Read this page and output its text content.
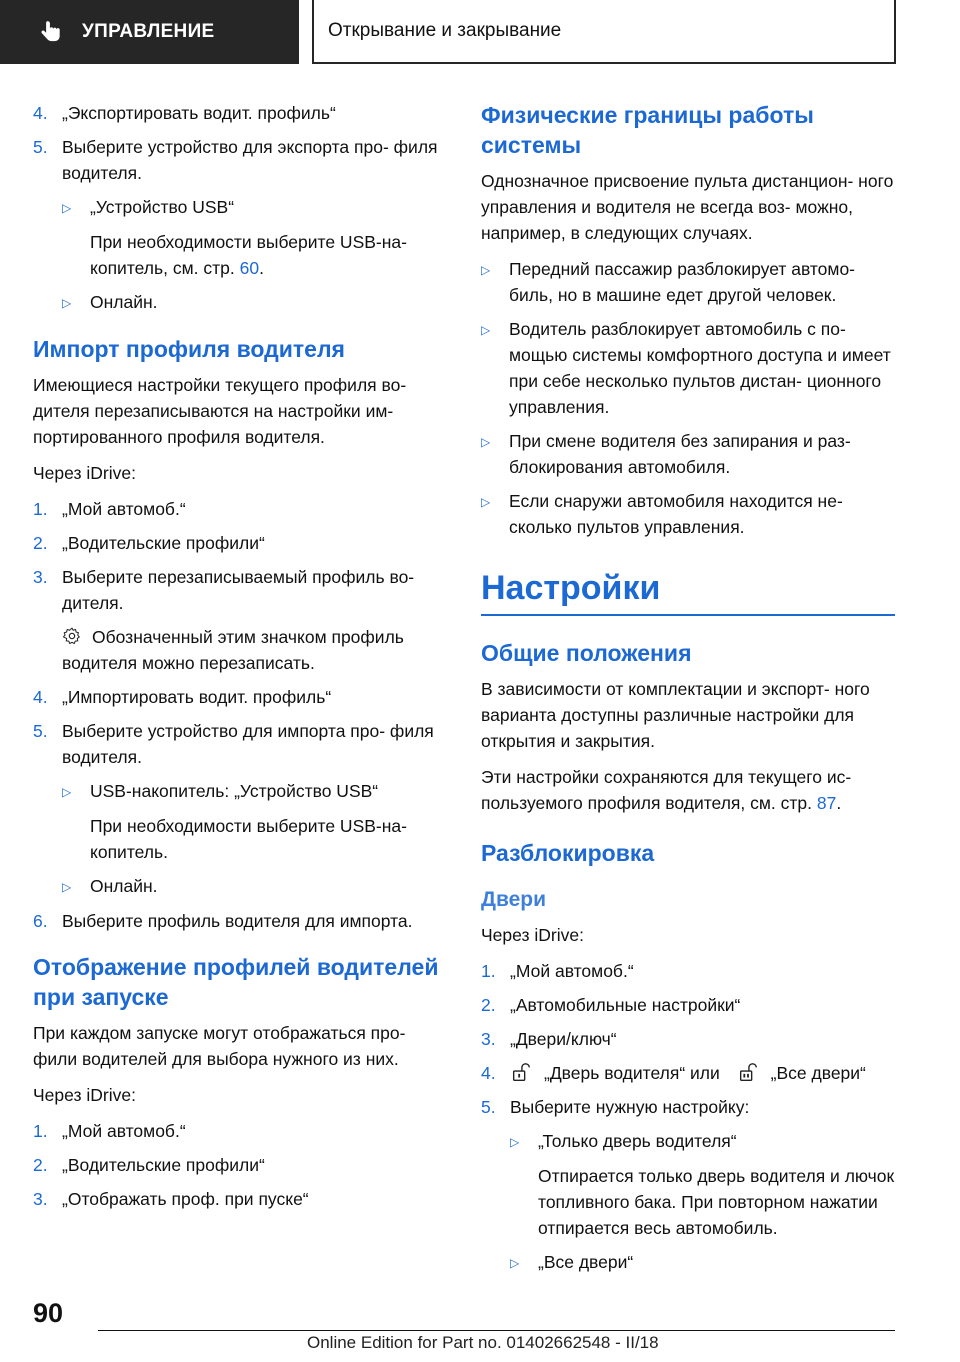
УПРАВЛЕНИЕ	Открывание и закрывание
4. „Экспортировать водит. профиль“
5. Выберите устройство для экспорта про- филя водителя.
▷	„Устройство USB“
При необходимости выберите USB-на- копитель, см. стр. 60.
▷	Онлайн.
Импорт профиля водителя
Имеющиеся настройки текущего профиля во- дителя перезаписываются на настройки им- портированного профиля водителя.
Через iDrive:
1. „Мой автомоб.“
2. „Водительские профили“
3. Выберите перезаписываемый профиль во- дителя.
Обозначенный этим значком профиль водителя можно перезаписать.
4. „Импортировать водит. профиль“
5. Выберите устройство для импорта про- филя водителя.
▷	USB-накопитель: „Устройство USB“
При необходимости выберите USB-на- копитель.
▷	Онлайн.
6. Выберите профиль водителя для импорта.
Отображение профилей водителей при запуске
При каждом запуске могут отображаться про- фили водителей для выбора нужного из них.
Через iDrive:
1. „Мой автомоб.“
2. „Водительские профили“
3. „Отображать проф. при пуске“
Физические границы работы системы
Однозначное присвоение пульта дистанцион- ного управления и водителя не всегда воз- можно, например, в следующих случаях.
▷	Передний пассажир разблокирует автомо- биль, но в машине едет другой человек.
▷	Водитель разблокирует автомобиль с по- мощью системы комфортного доступа и имеет при себе несколько пультов дистан- ционного управления.
▷	При смене водителя без запирания и раз- блокирования автомобиля.
▷	Если снаружи автомобиля находится не- сколько пультов управления.
Настройки
Общие положения
В зависимости от комплектации и экспорт- ного варианта доступны различные настройки для открытия и закрытия.
Эти настройки сохраняются для текущего ис- пользуемого профиля водителя, см. стр. 87.
Разблокировка
Двери
Через iDrive:
1. „Мой автомоб.“
2. „Автомобильные настройки“
3. „Двери/ключ“
4.	„Дверь водителя“ или	„Все двери“
5. Выберите нужную настройку:
▷	„Только дверь водителя“
Отпирается только дверь водителя и лючок топливного бака. При повторном нажатии отпирается весь автомобиль.
▷	„Все двери“
90
Online Edition for Part no. 01402662548 - II/18
